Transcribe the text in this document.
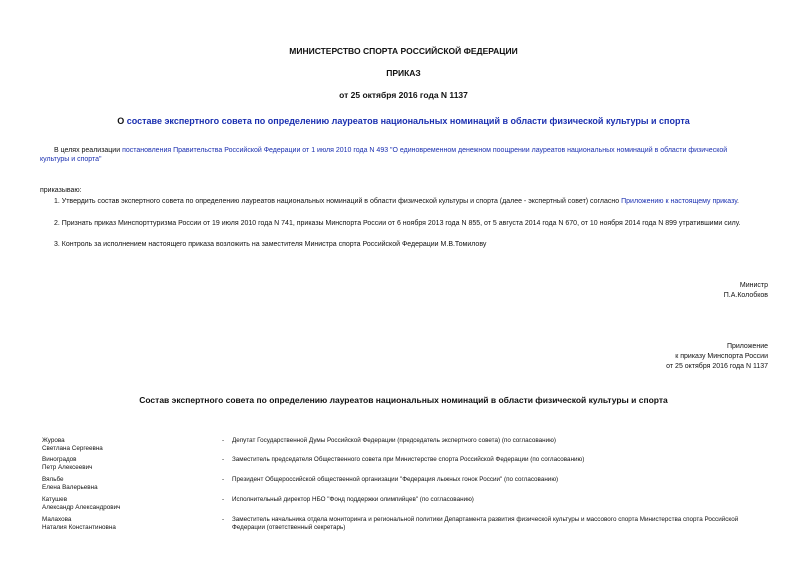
МИНИСТЕРСТВО СПОРТА РОССИЙСКОЙ ФЕДЕРАЦИИ
ПРИКАЗ
от 25 октября 2016 года N 1137
О составе экспертного совета по определению лауреатов национальных номинаций в области физической культуры и спорта
В целях реализации постановления Правительства Российской Федерации от 1 июля 2010 года N 493 "О единовременном денежном поощрении лауреатов национальных номинаций в области физической
культуры и спорта"
приказываю:
1. Утвердить состав экспертного совета по определению лауреатов национальных номинаций в области физической культуры и спорта (далее - экспертный совет) согласно Приложению к настоящему приказу.
2. Признать приказ Минспорттуризма России от 19 июля 2010 года N 741, приказы Минспорта России от 6 ноября 2013 года N 855, от 5 августа 2014 года N 670, от 10 ноября 2014 года N 899 утратившими силу.
3. Контроль за исполнением настоящего приказа возложить на заместителя Министра спорта Российской Федерации М.В.Томилову
Министр
П.А.Колобков
Приложение
к приказу Минспорта России
от 25 октября 2016 года N 1137
Состав экспертного совета по определению лауреатов национальных номинаций в области физической культуры и спорта
Журова
Светлана Сергеевна
- Депутат Государственной Думы Российской Федерации (председатель экспертного совета) (по согласованию)
Виноградов
Петр Алексеевич
- Заместитель председателя Общественного совета при Министерстве спорта Российской Федерации (по согласованию)
Вяльбе
Елена Валерьевна
- Президент Общероссийской общественной организации "Федерация лыжных гонок России" (по согласованию)
Катушев
Александр Александрович
- Исполнительный директор НБО "Фонд поддержки олимпийцев" (по согласованию)
Малахова
Наталия Константиновна
- Заместитель начальника отдела мониторинга и региональной политики Департамента развития физической культуры и массового спорта Министерства спорта Российской
Федерации (ответственный секретарь)
